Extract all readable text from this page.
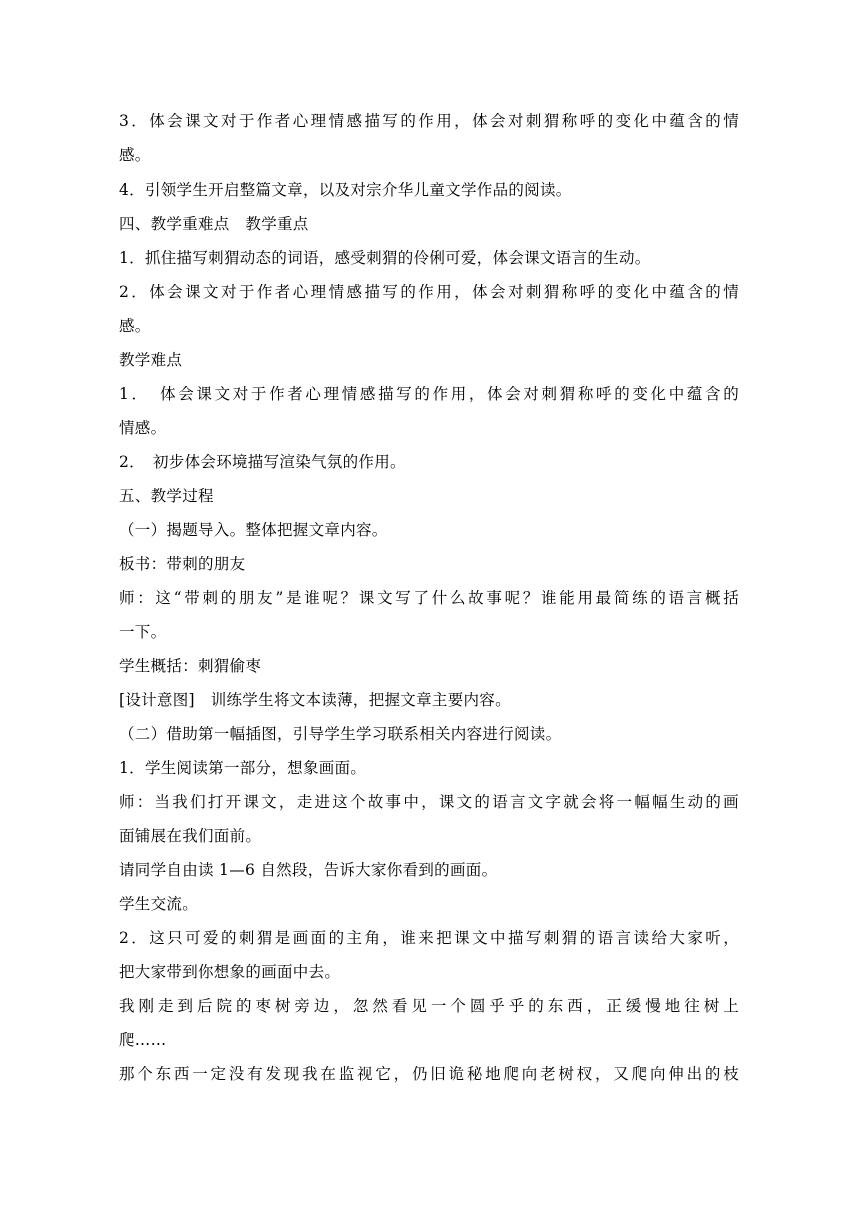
3．体会课文对于作者心理情感描写的作用，体会对刺猬称呼的变化中蕴含的情
感。
4．引领学生开启整篇文章，以及对宗介华儿童文学作品的阅读。
四、教学重难点　教学重点
1．抓住描写刺猬动态的词语，感受刺猬的伶俐可爱，体会课文语言的生动。
2．体会课文对于作者心理情感描写的作用，体会对刺猬称呼的变化中蕴含的情
感。
教学难点
1．　体会课文对于作者心理情感描写的作用，体会对刺猬称呼的变化中蕴含的
情感。
2．　初步体会环境描写渲染气氛的作用。
五、教学过程
（一）揭题导入。整体把握文章内容。
板书：带刺的朋友
师：这“带刺的朋友”是谁呢？课文写了什么故事呢？谁能用最简练的语言概括
一下。
学生概括：刺猬偷枣
[设计意图]　训练学生将文本读薄，把握文章主要内容。
（二）借助第一幅插图，引导学生学习联系相关内容进行阅读。
1．学生阅读第一部分，想象画面。
师：当我们打开课文，走进这个故事中，课文的语言文字就会将一幅幅生动的画
面铺展在我们面前。
请同学自由读 1—6 自然段，告诉大家你看到的画面。
学生交流。
2．这只可爱的刺猬是画面的主角，谁来把课文中描写刺猬的语言读给大家听，
把大家带到你想象的画面中去。
我刚走到后院的枣树旁边，忽然看见一个圆乎乎的东西，正缓慢地往树上
爬……
那个东西一定没有发现我在监视它，仍旧诡秘地爬向老树杈，又爬向伸出的枝
